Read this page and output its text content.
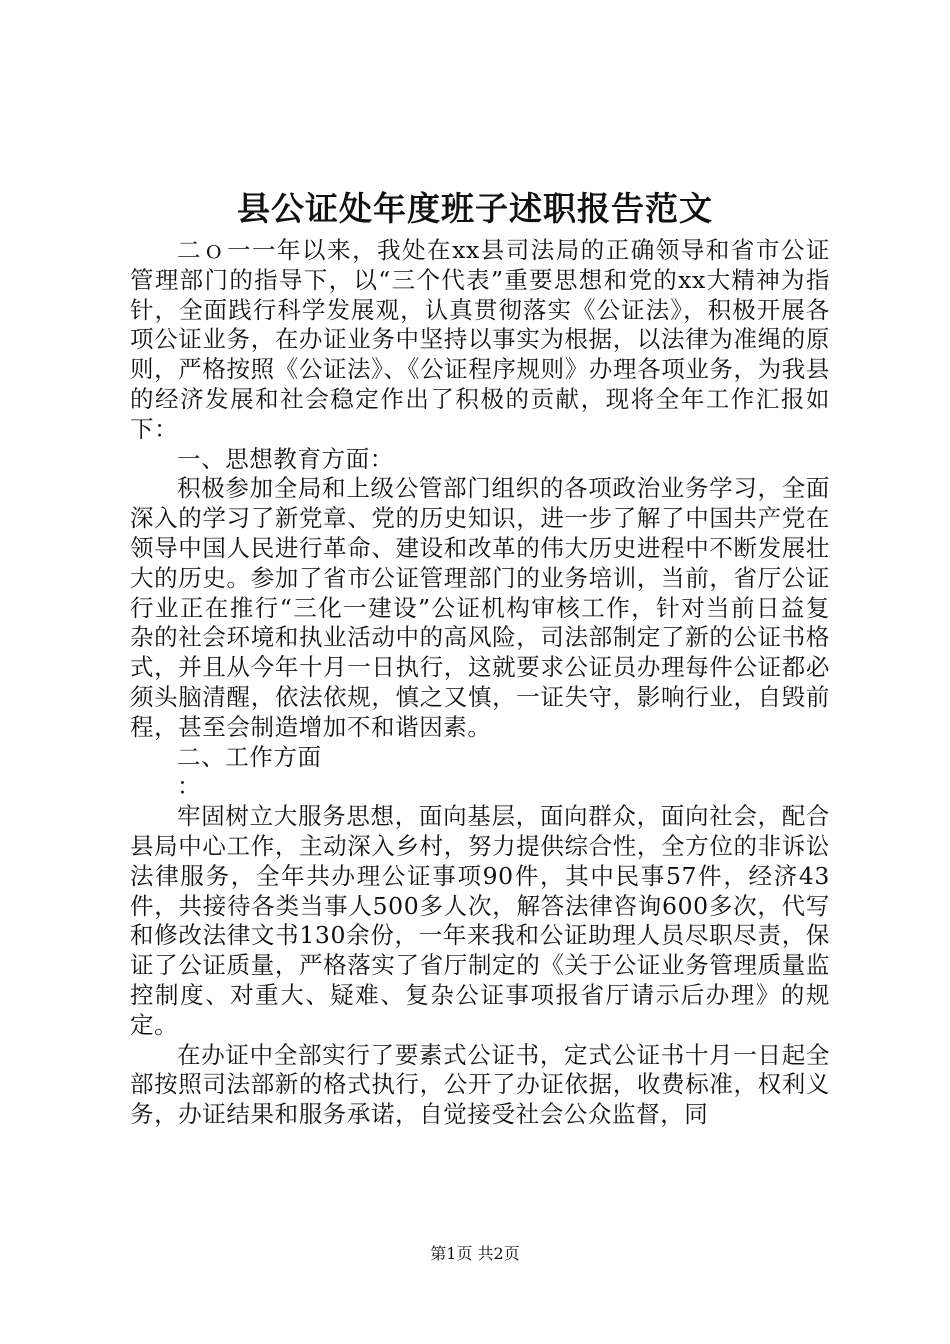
县公证处年度班子述职报告范文

二ｏ一一年以来，我处在xx县司法局的正确领导和省市公证管理部门的指导下，以“三个代表”重要思想和党的xx大精神为指针，全面践行科学发展观，认真贯彻落实《公证法》，积极开展各项公证业务，在办证业务中坚持以事实为根据，以法律为准绳的原则，严格按照《公证法》、《公证程序规则》办理各项业务，为我县的经济发展和社会稳定作出了积极的贡献，现将全年工作汇报如下：

一、思想教育方面：

积极参加全局和上级公管部门组织的各项政治业务学习，全面深入的学习了新党章、党的历史知识，进一步了解了中国共产党在领导中国人民进行革命、建设和改革的伟大历史进程中不断发展壮大的历史。参加了省市公证管理部门的业务培训，当前，省厅公证行业正在推行“三化一建设”公证机构审核工作，针对当前日益复杂的社会环境和执业活动中的高风险，司法部制定了新的公证书格式，并且从今年十月一日执行，这就要求公证员办理每件公证都必须头脑清醒，依法依规，慎之又慎，一证失守，影响行业，自毁前程，甚至会制造增加不和谐因素。

二、工作方面

：

牢固树立大服务思想，面向基层，面向群众，面向社会，配合县局中心工作，主动深入乡村，努力提供综合性，全方位的非诉讼法律服务，全年共办理公证事项90件，其中民事57件，经济43件，共接待各类当事人500多人次，解答法律咨询600多次，代写和修改法律文书130余份，一年来我和公证助理人员尽职尽责，保证了公证质量，严格落实了省厅制定的《关于公证业务管理质量监控制度、对重大、疑难、复杂公证事项报省厅请示后办理》的规定。

在办证中全部实行了要素式公证书，定式公证书十月一日起全部按照司法部新的格式执行，公开了办证依据，收费标准，权利义务，办证结果和服务承诺，自觉接受社会公众监督，同

第1页 共2页
